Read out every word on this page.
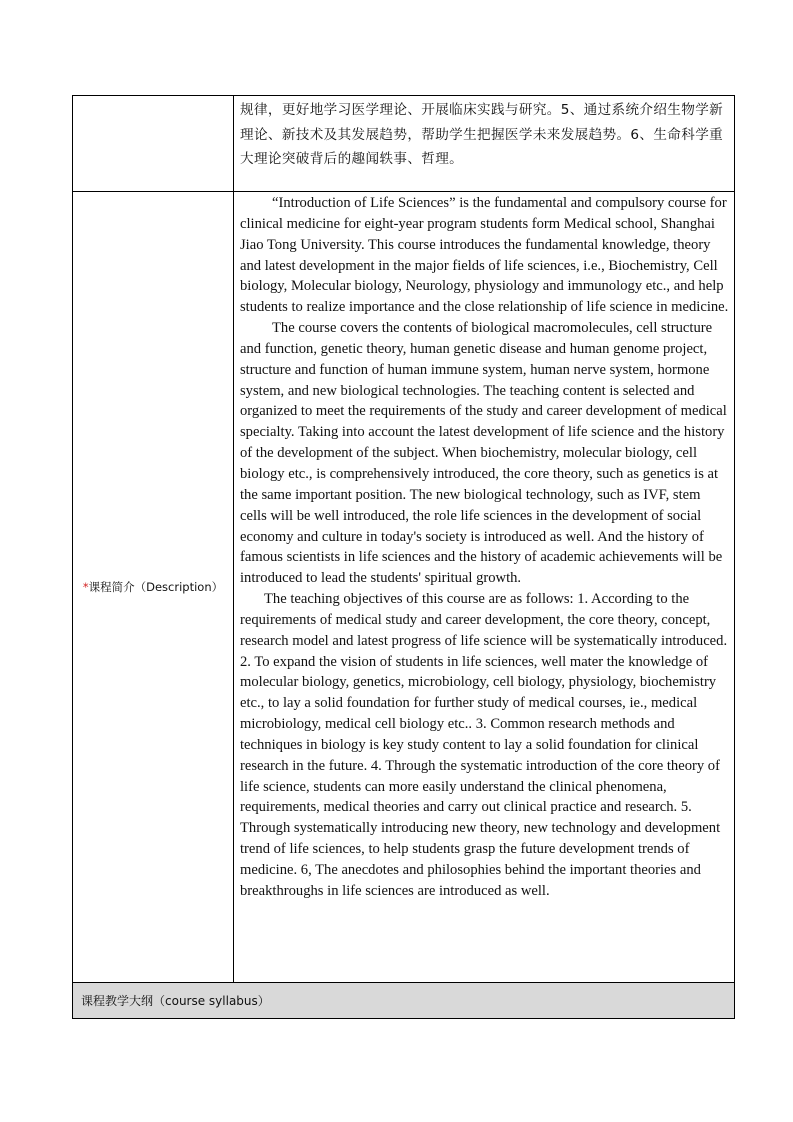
	规律，更好地学习医学理论、开展临床实践与研究。5、通过系统介绍生物学新理论、新技术及其发展趋势，帮助学生把握医学未来发展趋势。6、生命科学重大理论突破背后的趣闻轶事、哲理。

*课程简介（Description）	“Introduction of Life Sciences” is the fundamental and compulsory course for clinical medicine for eight-year program students form Medical school, Shanghai Jiao Tong University. This course introduces the fundamental knowledge, theory and latest development in the major fields of life sciences, i.e., Biochemistry, Cell biology, Molecular biology, Neurology, physiology and immunology etc., and help students to realize importance and the close relationship of life science in medicine.

The course covers the contents of biological macromolecules, cell structure and function, genetic theory, human genetic disease and human genome project, structure and function of human immune system, human nerve system, hormone system, and new biological technologies. The teaching content is selected and organized to meet the requirements of the study and career development of medical specialty. Taking into account the latest development of life science and the history of the development of the subject. When biochemistry, molecular biology, cell biology etc., is comprehensively introduced, the core theory, such as genetics is at the same important position. The new biological technology, such as IVF, stem cells will be well introduced, the role life sciences in the development of social economy and culture in today's society is introduced as well. And the history of famous scientists in life sciences and the history of academic achievements will be introduced to lead the students' spiritual growth.

The teaching objectives of this course are as follows: 1. According to the requirements of medical study and career development, the core theory, concept, research model and latest progress of life science will be systematically introduced. 2. To expand the vision of students in life sciences, well mater the knowledge of molecular biology, genetics, microbiology, cell biology, physiology, biochemistry etc., to lay a solid foundation for further study of medical courses, ie., medical microbiology, medical cell biology etc.. 3. Common research methods and techniques in biology is key study content to lay a solid foundation for clinical research in the future. 4. Through the systematic introduction of the core theory of life science, students can more easily understand the clinical phenomena, requirements, medical theories and carry out clinical practice and research. 5. Through systematically introducing new theory, new technology and development trend of life sciences, to help students grasp the future development trends of medicine. 6, The anecdotes and philosophies behind the important theories and breakthroughs in life sciences are introduced as well.

课程教学大纲（course syllabus）	
